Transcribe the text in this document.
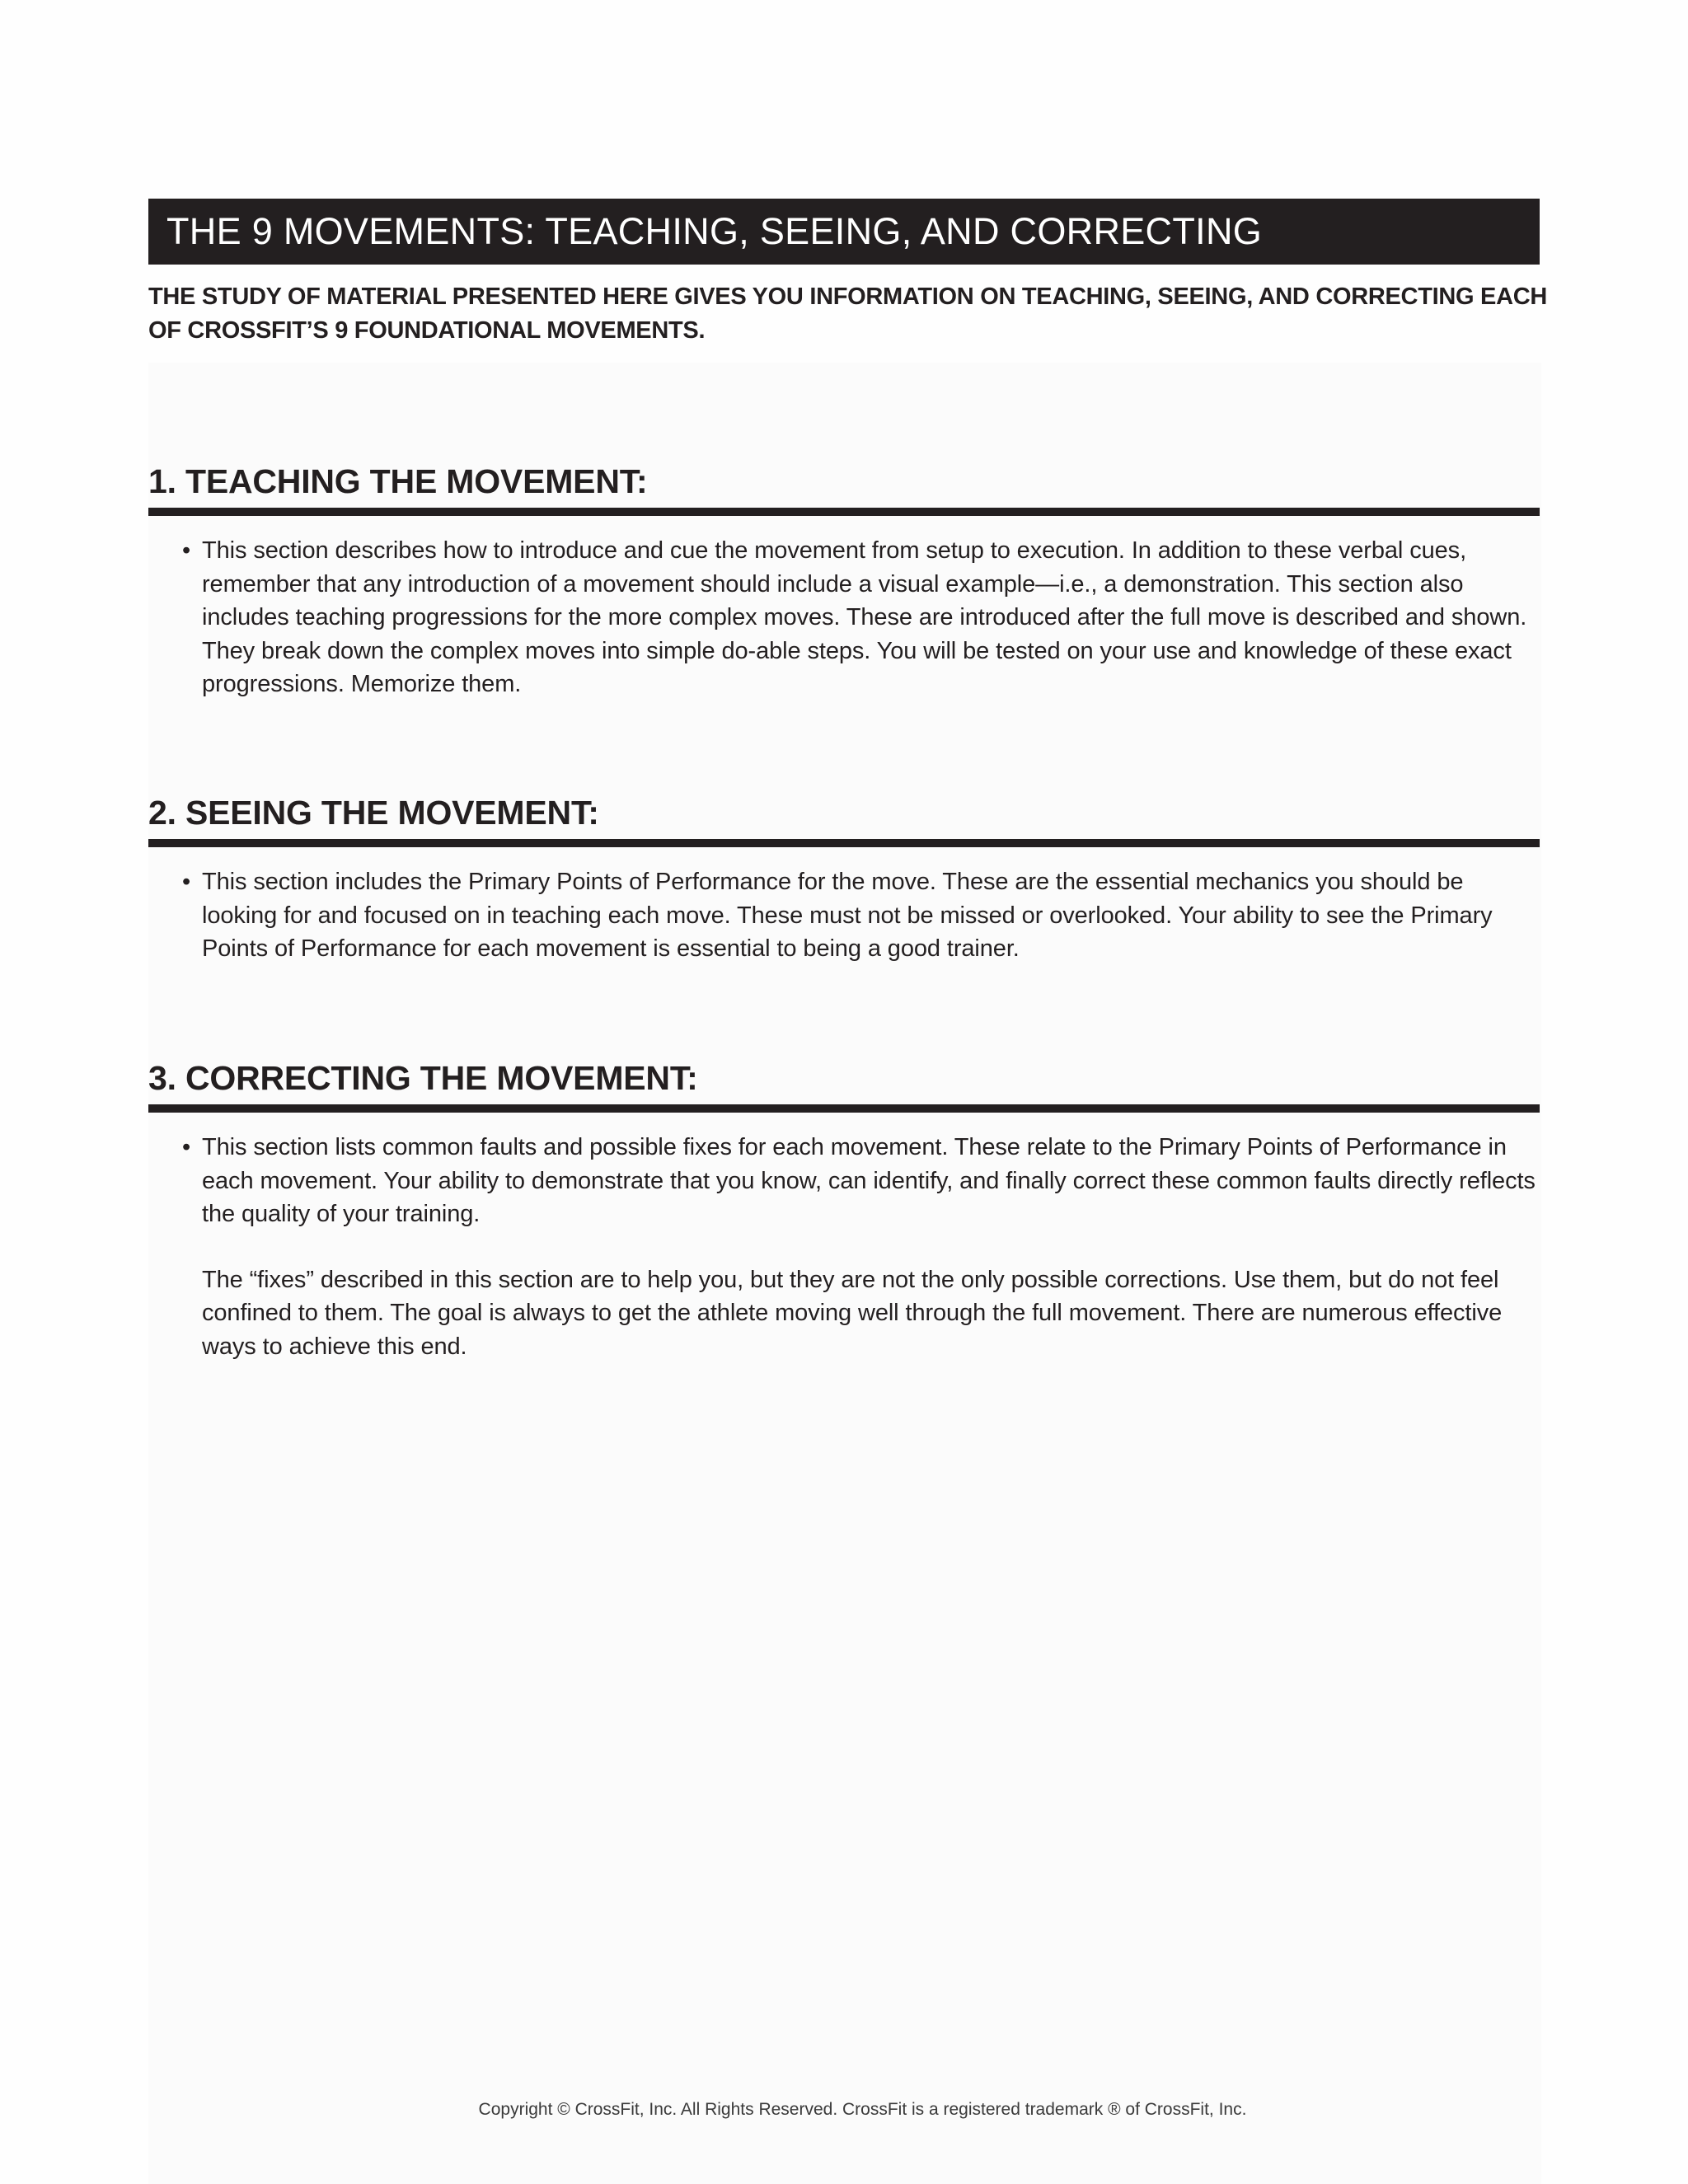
THE 9 MOVEMENTS: TEACHING, SEEING, AND CORRECTING
THE STUDY OF MATERIAL PRESENTED HERE GIVES YOU INFORMATION ON TEACHING, SEEING, AND CORRECTING EACH OF CROSSFIT’S 9 FOUNDATIONAL MOVEMENTS.
1. TEACHING THE MOVEMENT:

• This section describes how to introduce and cue the movement from setup to execution. In addition to these verbal cues, remember that any introduction of a movement should include a visual example—i.e., a demonstration. This section also includes teaching progressions for the more complex moves. These are introduced after the full move is described and shown. They break down the complex moves into simple do-able steps. You will be tested on your use and knowledge of these exact progressions. Memorize them.

2. SEEING THE MOVEMENT:

• This section includes the Primary Points of Performance for the move. These are the essential mechanics you should be looking for and focused on in teaching each move. These must not be missed or overlooked. Your ability to see the Primary Points of Performance for each movement is essential to being a good trainer.

3. CORRECTING THE MOVEMENT:

• This section lists common faults and possible fixes for each movement. These relate to the Primary Points of Performance in each movement. Your ability to demonstrate that you know, can identify, and finally correct these common faults directly reflects the quality of your training.

The “fixes” described in this section are to help you, but they are not the only possible corrections. Use them, but do not feel confined to them. The goal is always to get the athlete moving well through the full movement. There are numerous effective ways to achieve this end.

Copyright © CrossFit, Inc. All Rights Reserved. CrossFit is a registered trademark ® of CrossFit, Inc.
